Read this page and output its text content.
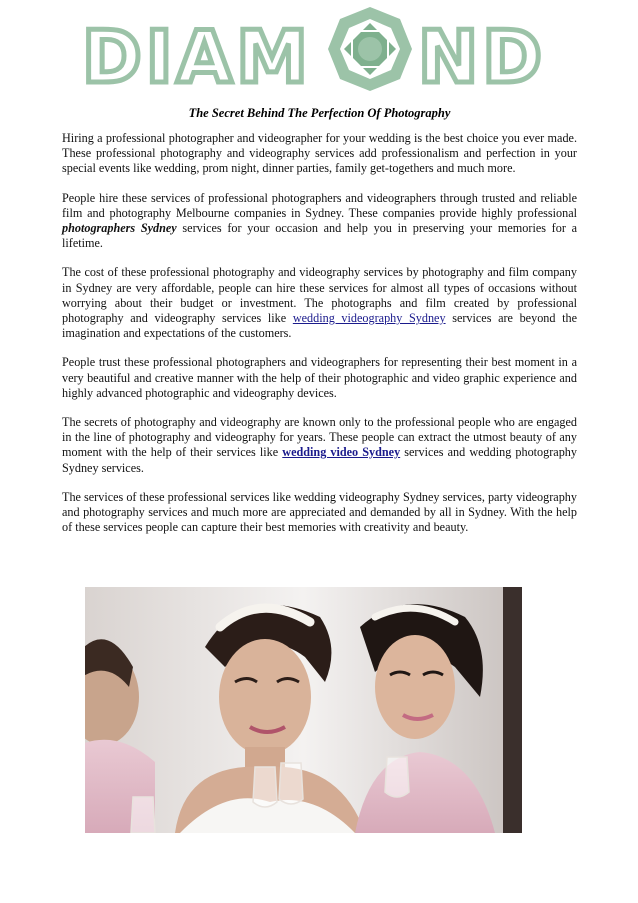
DIAM ND
The Secret Behind The Perfection Of Photography

Hiring a professional photographer and videographer for your wedding is the best choice you ever made. These professional photography and videography services add professionalism and perfection in your special events like wedding, prom night, dinner parties, family get-togethers and much more.

People hire these services of professional photographers and videographers through trusted and reliable film and photography Melbourne companies in Sydney. These companies provide highly professional photographers Sydney services for your occasion and help you in preserving your memories for a lifetime.

The cost of these professional photography and videography services by photography and film company in Sydney are very affordable, people can hire these services for almost all types of occasions without worrying about their budget or investment. The photographs and film created by professional photography and videography services like wedding videography Sydney services are beyond the imagination and expectations of the customers.

People trust these professional photographers and videographers for representing their best moment in a very beautiful and creative manner with the help of their photographic and video graphic experience and highly advanced photographic and videography devices.

The secrets of photography and videography are known only to the professional people who are engaged in the line of photography and videography for years. These people can extract the utmost beauty of any moment with the help of their services like wedding video Sydney services and wedding photography Sydney services.

The services of these professional services like wedding videography Sydney services, party videography and photography services and much more are appreciated and demanded by all in Sydney. With the help of these services people can capture their best memories with creativity and beauty.
